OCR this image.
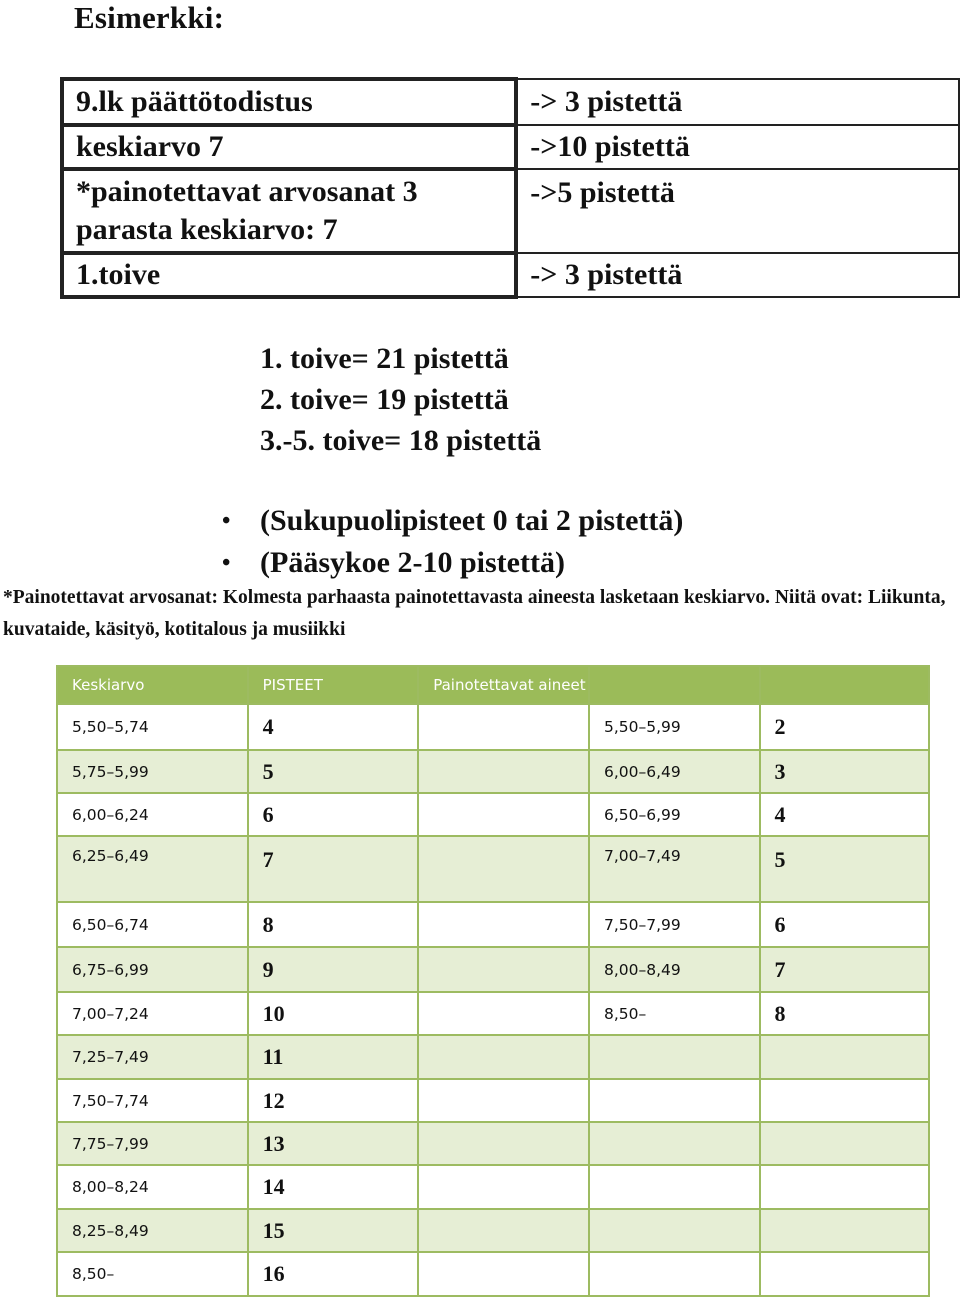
Esimerkki:
9.lk päättötodistus	-> 3 pistettä
keskiarvo 7	->10 pistettä
*painotettavat arvosanat 3 parasta keskiarvo: 7	->5 pistettä
1.toive	-> 3 pistettä
1. toive= 21 pistettä
2. toive= 19 pistettä
3.-5. toive= 18 pistettä
• (Sukupuolipisteet 0 tai 2 pistettä)
• (Pääsykoe 2-10 pistettä)
*Painotettavat arvosanat: Kolmesta parhaasta painotettavasta aineesta lasketaan keskiarvo. Niitä ovat: Liikunta, kuvataide, käsityö, kotitalous ja musiikki
Keskiarvo	PISTEET	Painotettavat aineet		
5,50–5,74	4		5,50–5,99	2
5,75–5,99	5		6,00–6,49	3
6,00–6,24	6		6,50–6,99	4
6,25–6,49	7		7,00–7,49	5
6,50–6,74	8		7,50–7,99	6
6,75–6,99	9		8,00–8,49	7
7,00–7,24	10		8,50–	8
7,25–7,49	11			
7,50–7,74	12			
7,75–7,99	13			
8,00–8,24	14			
8,25–8,49	15			
8,50–	16			
